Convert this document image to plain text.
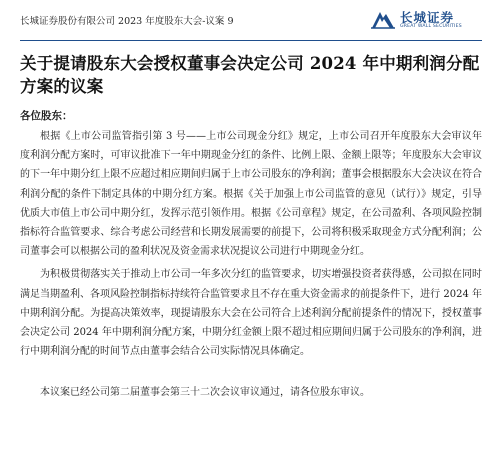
长城证券股份有限公司 2023 年度股东大会-议案 9	长城证券
GREAT WALL SECURITIES
关于提请股东大会授权董事会决定公司 2024 年中期利润分配方案的议案

各位股东：

根据《上市公司监管指引第 3 号——上市公司现金分红》规定，上市公司召开年度股东大会审议年度利润分配方案时，可审议批准下一年中期现金分红的条件、比例上限、金额上限等；年度股东大会审议的下一年中期分红上限不应超过相应期间归属于上市公司股东的净利润；董事会根据股东大会决议在符合利润分配的条件下制定具体的中期分红方案。根据《关于加强上市公司监管的意见（试行）》规定，引导优质大市值上市公司中期分红，发挥示范引领作用。根据《公司章程》规定，在公司盈利、各项风险控制指标符合监管要求、综合考虑公司经营和长期发展需要的前提下，公司将积极采取现金方式分配利润；公司董事会可以根据公司的盈利状况及资金需求状况提议公司进行中期现金分红。

为积极贯彻落实关于推动上市公司一年多次分红的监管要求，切实增强投资者获得感，公司拟在同时满足当期盈利、各项风险控制指标持续符合监管要求且不存在重大资金需求的前提条件下，进行 2024 年中期利润分配。为提高决策效率，现提请股东大会在公司符合上述利润分配前提条件的情况下，授权董事会决定公司 2024 年中期利润分配方案，中期分红金额上限不超过相应期间归属于公司股东的净利润，进行中期利润分配的时间节点由董事会结合公司实际情况具体确定。

本议案已经公司第二届董事会第三十二次会议审议通过，请各位股东审议。
